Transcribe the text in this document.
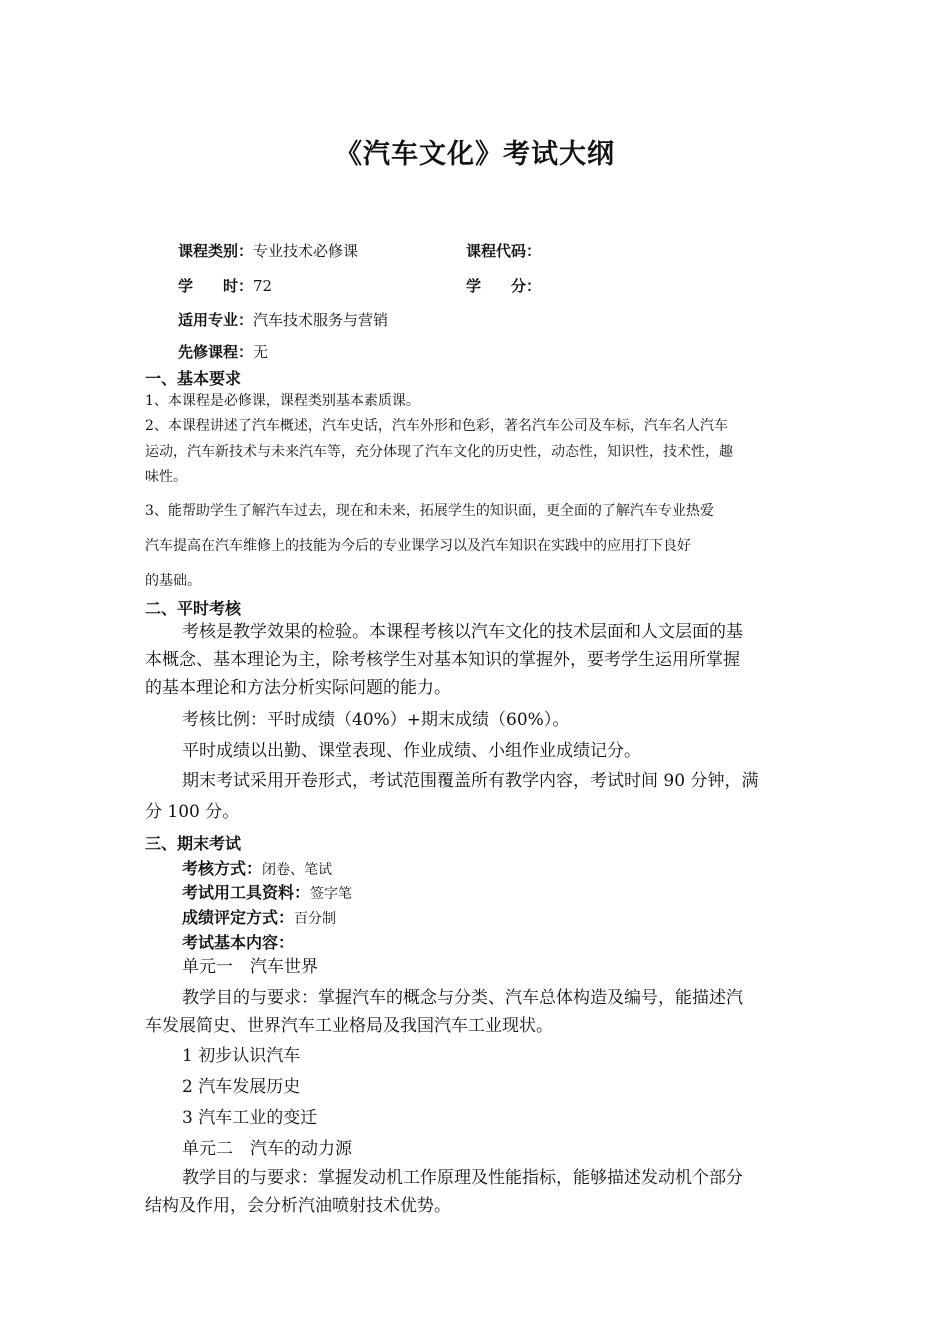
《汽车文化》考试大纲
课程类别：专业技术必修课	课程代码：
学　　时：72	学　　分：
适用专业：汽车技术服务与营销
先修课程：无
一、基本要求
1、本课程是必修课，课程类别基本素质课。
2、本课程讲述了汽车概述，汽车史话，汽车外形和色彩，著名汽车公司及车标，汽车名人汽车
运动，汽车新技术与未来汽车等，充分体现了汽车文化的历史性，动态性，知识性，技术性，趣
味性。
3、能帮助学生了解汽车过去，现在和未来，拓展学生的知识面，更全面的了解汽车专业热爱
汽车提高在汽车维修上的技能为今后的专业课学习以及汽车知识在实践中的应用打下良好
的基础。
二、平时考核
考核是教学效果的检验。本课程考核以汽车文化的技术层面和人文层面的基
本概念、基本理论为主，除考核学生对基本知识的掌握外，要考学生运用所掌握
的基本理论和方法分析实际问题的能力。
考核比例：平时成绩（40%）+期末成绩（60%）。
平时成绩以出勤、课堂表现、作业成绩、小组作业成绩记分。
期末考试采用开卷形式，考试范围覆盖所有教学内容，考试时间 90 分钟，满
分 100 分。
三、期末考试
考核方式：闭卷、笔试
考试用工具资料：签字笔
成绩评定方式：百分制
考试基本内容：
单元一　汽车世界
教学目的与要求：掌握汽车的概念与分类、汽车总体构造及编号，能描述汽
车发展简史、世界汽车工业格局及我国汽车工业现状。
1 初步认识汽车
2 汽车发展历史
3 汽车工业的变迁
单元二　汽车的动力源
教学目的与要求：掌握发动机工作原理及性能指标，能够描述发动机个部分
结构及作用，会分析汽油喷射技术优势。
